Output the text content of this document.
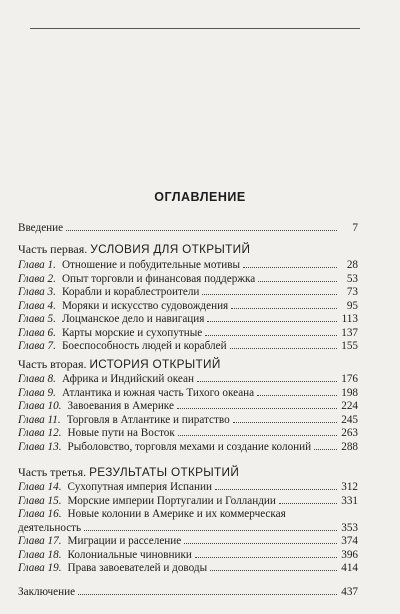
ОГЛАВЛЕНИЕ
Введение	7
Часть первая. УСЛОВИЯ ДЛЯ ОТКРЫТИЙ
Глава 1. Отношение и побудительные мотивы	28
Глава 2. Опыт торговли и финансовая поддержка	53
Глава 3. Корабли и кораблестроители	73
Глава 4. Моряки и искусство судовождения	95
Глава 5. Лоцманское дело и навигация	113
Глава 6. Карты морские и сухопутные	137
Глава 7. Боеспособность людей и кораблей	155
Часть вторая. ИСТОРИЯ ОТКРЫТИЙ
Глава 8. Африка и Индийский океан	176
Глава 9. Атлантика и южная часть Тихого океана	198
Глава 10. Завоевания в Америке	224
Глава 11. Торговля в Атлантике и пиратство	245
Глава 12. Новые пути на Восток	263
Глава 13. Рыболовство, торговля мехами и создание колоний	288
Часть третья. РЕЗУЛЬТАТЫ ОТКРЫТИЙ
Глава 14. Сухопутная империя Испании	312
Глава 15. Морские империи Португалии и Голландии	331
Глава 16. Новые колонии в Америке и их коммерческая
деятельность	353
Глава 17. Миграции и расселение	374
Глава 18. Колониальные чиновники	396
Глава 19. Права завоевателей и доводы	414
Заключение	437
